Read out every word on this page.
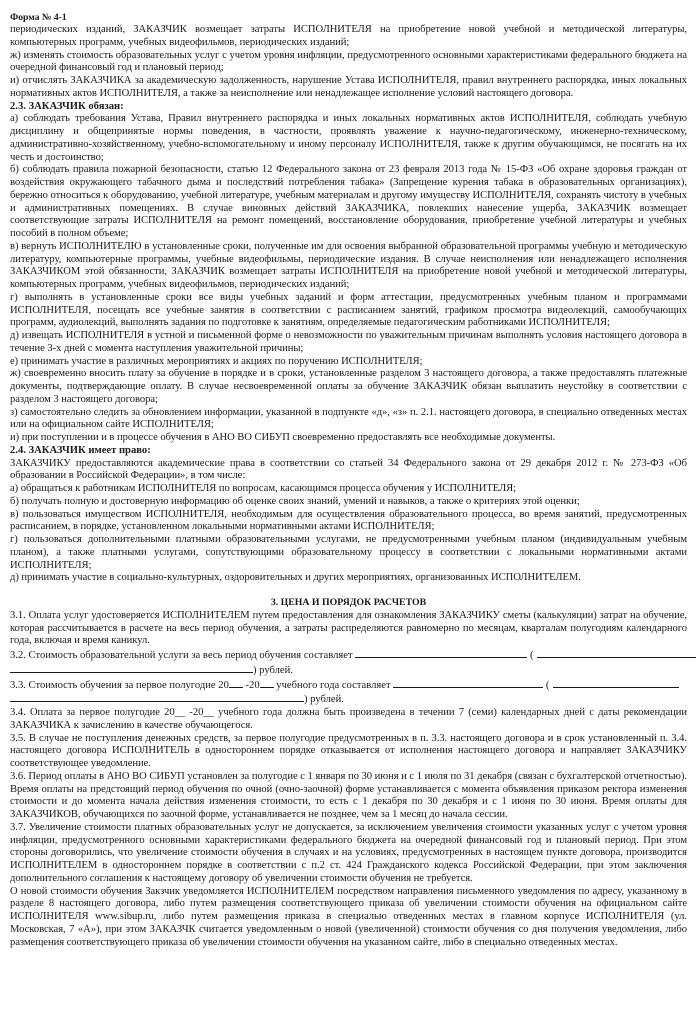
Форма № 4-1

периодических изданий, ЗАКАЗЧИК возмещает затраты ИСПОЛНИТЕЛЯ на приобретение новой учебной и методической литературы, компьютерных программ, учебных видеофильмов, периодических изданий;

ж) изменять стоимость образовательных услуг с учетом уровня инфляции, предусмотренного основными характеристиками федерального бюджета на очередной финансовый год и плановый период;

и) отчислять ЗАКАЗЧИКА за академическую задолженность, нарушение Устава ИСПОЛНИТЕЛЯ, правил внутреннего распорядка, иных локальных нормативных актов ИСПОЛНИТЕЛЯ, а также за неисполнение или ненадлежащее исполнение условий настоящего договора.

2.3. ЗАКАЗЧИК обязан:

а) соблюдать требования Устава, Правил внутреннего распорядка и иных локальных нормативных актов ИСПОЛНИТЕЛЯ, соблюдать учебную дисциплину и общепринятые нормы поведения, в частности, проявлять уважение к научно-педагогическому, инженерно-техническому, административно-хозяйственному, учебно-вспомогательному и иному персоналу ИСПОЛНИТЕЛЯ, также к другим обучающимся, не посягать на их честь и достоинство;

б) соблюдать правила пожарной безопасности, статью 12 Федерального закона от 23 февраля 2013 года № 15-ФЗ «Об охране здоровья граждан от воздействия окружающего табачного дыма и последствий потребления табака» (Запрещение курения табака в образовательных организациях), бережно относиться к оборудованию, учебной литературе, учебным материалам и другому имуществу ИСПОЛНИТЕЛЯ, сохранять чистоту в учебных и административных помещениях. В случае виновных действий ЗАКАЗЧИКА, повлекших нанесение ущерба, ЗАКАЗЧИК возмещает соответствующие затраты ИСПОЛНИТЕЛЯ на ремонт помещений, восстановление оборудования, приобретение учебной литературы и учебных пособий в полном объеме;

в) вернуть ИСПОЛНИТЕЛЮ в установленные сроки, полученные им для освоения выбранной образовательной программы учебную и методическую литературу, компьютерные программы, учебные видеофильмы, периодические издания. В случае неисполнения или ненадлежащего исполнения ЗАКАЗЧИКОМ этой обязанности, ЗАКАЗЧИК возмещает затраты ИСПОЛНИТЕЛЯ на приобретение новой учебной и методической литературы, компьютерных программ, учебных видеофильмов, периодических изданий;

г) выполнять в установленные сроки все виды учебных заданий и форм аттестации, предусмотренных учебным планом и программами ИСПОЛНИТЕЛЯ, посещать все учебные занятия в соответствии с расписанием занятий, графиком просмотра видеолекций, самообучающих программ, аудиолекций, выполнять задания по подготовке к занятиям, определяемые педагогическим работниками ИСПОЛНИТЕЛЯ;

д) извещать ИСПОЛНИТЕЛЯ в устной и письменной форме о невозможности по уважительным причинам выполнять условия настоящего договора в течение 3-х дней с момента наступления уважительной причины;

е) принимать участие в различных мероприятиях и акциях по поручению ИСПОЛНИТЕЛЯ;

ж) своевременно вносить плату за обучение в порядке и в сроки, установленные разделом 3 настоящего договора, а также предоставлять платежные документы, подтверждающие оплату. В случае несвоевременной оплаты за обучение ЗАКАЗЧИК обязан выплатить неустойку в соответствии с разделом 3 настоящего договора;

з) самостоятельно следить за обновлением информации, указанной в подпункте «д», «з» п. 2.1. настоящего договора, в специально отведенных местах или на официальном сайте ИСПОЛНИТЕЛЯ;

и) при поступлении и в процессе обучения в АНО ВО СИБУП своевременно предоставлять все необходимые документы.

2.4. ЗАКАЗЧИК имеет право:

ЗАКАЗЧИКУ предоставляются академические права в соответствии со статьей 34 Федерального закона от 29 декабря 2012 г. № 273-ФЗ «Об образовании в Российской Федерации», в том числе:

а) обращаться к работникам ИСПОЛНИТЕЛЯ по вопросам, касающимся процесса обучения у ИСПОЛНИТЕЛЯ;

б) получать полную и достоверную информацию об оценке своих знаний, умений и навыков, а также о критериях этой оценки;

в) пользоваться имуществом ИСПОЛНИТЕЛЯ, необходимым для осуществления образовательного процесса, во время занятий, предусмотренных расписанием, в порядке, установленном локальными нормативными актами ИСПОЛНИТЕЛЯ;

г) пользоваться дополнительными платными образовательными услугами, не предусмотренными учебным планом (индивидуальным учебным планом), а также платными услугами, сопутствующими образовательному процессу в соответствии с локальными нормативными актами ИСПОЛНИТЕЛЯ;

д) принимать участие в социально-культурных, оздоровительных и других мероприятиях, организованных ИСПОЛНИТЕЛЕМ.

3. ЦЕНА И ПОРЯДОК РАСЧЕТОВ

3.1. Оплата услуг удостоверяется ИСПОЛНИТЕЛЕМ путем предоставления для ознакомления ЗАКАЗЧИКУ сметы (калькуляции) затрат на обучение, которая рассчитывается в расчете на весь период обучения, а затраты распределяются равномерно по месяцам, кварталам полугодиям календарного года, включая и время каникул.

3.2. Стоимость образовательной услуги за весь период обучения составляет	(
) рублей.
3.3. Стоимость обучения за первое полугодие 20 -20 учебного года составляет	(
) рублей.

3.4. Оплата за первое полугодие 20__ -20__ учебного года должна быть произведена в течении 7 (семи) календарных дней с даты рекомендации ЗАКАЗЧИКА к зачислению в качестве обучающегося.

3.5. В случае не поступления денежных средств, за первое полугодие предусмотренных в п. 3.3. настоящего договора и в срок установленный п. 3.4. настоящего договора ИСПОЛНИТЕЛЬ в одностороннем порядке отказывается от исполнения настоящего договора и направляет ЗАКАЗЧИКУ соответствующее уведомление.

3.6. Период оплаты в АНО ВО СИБУП установлен за полугодие с 1 января по 30 июня и с 1 июля по 31 декабря (связан с бухгалтерской отчетностью). Время оплаты на предстоящий период обучения по очной (очно-заочной) форме устанавливается с момента объявления приказом ректора изменения стоимости и до момента начала действия изменения стоимости, то есть с 1 декабря по 30 декабря и с 1 июня по 30 июня. Время оплаты для ЗАКАЗЧИКОВ, обучающихся по заочной форме, устанавливается не позднее, чем за 1 месяц до начала сессии.

3.7. Увеличение стоимости платных образовательных услуг не допускается, за исключением увеличения стоимости указанных услуг с учетом уровня инфляции, предусмотренного основными характеристиками федерального бюджета на очередной финансовый год и плановый период. При этом стороны договорились, что увеличение стоимости обучения в случаях и на условиях, предусмотренных в настоящем пункте договора, производится ИСПОЛНИТЕЛЕМ в одностороннем порядке в соответствии с п.2 ст. 424 Гражданского кодекса Российской Федерации, при этом заключения дополнительного соглашения к настоящему договору об увеличении стоимости обучения не требуется.

О новой стоимости обучения Закзчик уведомляется ИСПОЛНИТЕЛЕМ посредством направления письменного уведомления по адресу, указанному в разделе 8 настоящего договора, либо путем размещения соответствующего приказа об увеличении стоимости обучения на официальном сайте ИСПОЛНИТЕЛЯ www.sibup.ru, либо путем размещения приказа в специалью отведенных местах в главном корпусе ИСПОЛНИТЕЛЯ (ул. Московская, 7 «А»), при этом ЗАКАЗЧК считается уведомленным о новой (увеличенной) стоимости обучения со дня получения уведомления, либо размещения соответствующего приказа об увеличении стоимости обучения на указанном сайте, либо в специально отведенных местах.
